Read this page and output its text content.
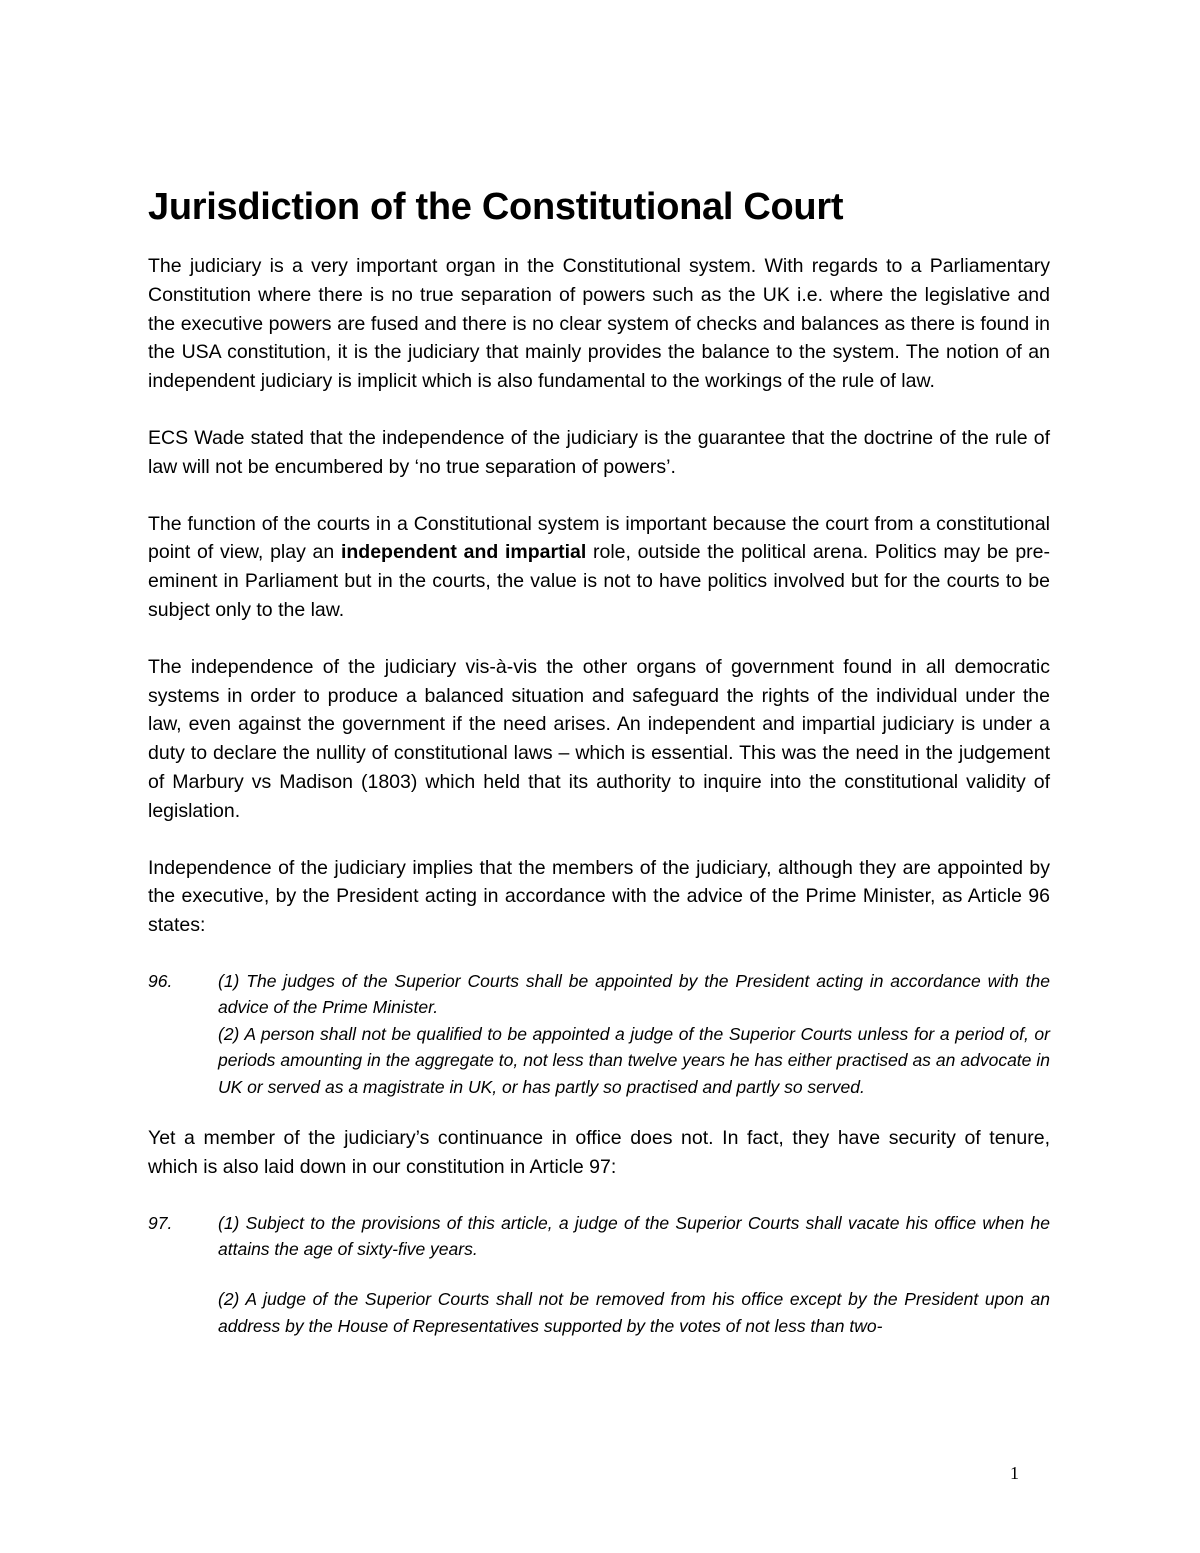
Jurisdiction of the Constitutional Court

The judiciary is a very important organ in the Constitutional system. With regards to a Parliamentary Constitution where there is no true separation of powers such as the UK i.e. where the legislative and the executive powers are fused and there is no clear system of checks and balances as there is found in the USA constitution, it is the judiciary that mainly provides the balance to the system. The notion of an independent judiciary is implicit which is also fundamental to the workings of the rule of law.

ECS Wade stated that the independence of the judiciary is the guarantee that the doctrine of the rule of law will not be encumbered by ‘no true separation of powers’.

The function of the courts in a Constitutional system is important because the court from a constitutional point of view, play an independent and impartial role, outside the political arena. Politics may be pre-eminent in Parliament but in the courts, the value is not to have politics involved but for the courts to be subject only to the law.

The independence of the judiciary vis-à-vis the other organs of government found in all democratic systems in order to produce a balanced situation and safeguard the rights of the individual under the law, even against the government if the need arises. An independent and impartial judiciary is under a duty to declare the nullity of constitutional laws – which is essential. This was the need in the judgement of Marbury vs Madison (1803) which held that its authority to inquire into the constitutional validity of legislation.

Independence of the judiciary implies that the members of the judiciary, although they are appointed by the executive, by the President acting in accordance with the advice of the Prime Minister, as Article 96 states:

96.	(1) The judges of the Superior Courts shall be appointed by the President acting in accordance with the advice of the Prime Minister.

(2) A person shall not be qualified to be appointed a judge of the Superior Courts unless for a period of, or periods amounting in the aggregate to, not less than twelve years he has either practised as an advocate in UK or served as a magistrate in UK, or has partly so practised and partly so served.

Yet a member of the judiciary’s continuance in office does not. In fact, they have security of tenure, which is also laid down in our constitution in Article 97:

97.	(1) Subject to the provisions of this article, a judge of the Superior Courts shall vacate his office when he attains the age of sixty-five years.

(2) A judge of the Superior Courts shall not be removed from his office except by the President upon an address by the House of Representatives supported by the votes of not less than two-

1
